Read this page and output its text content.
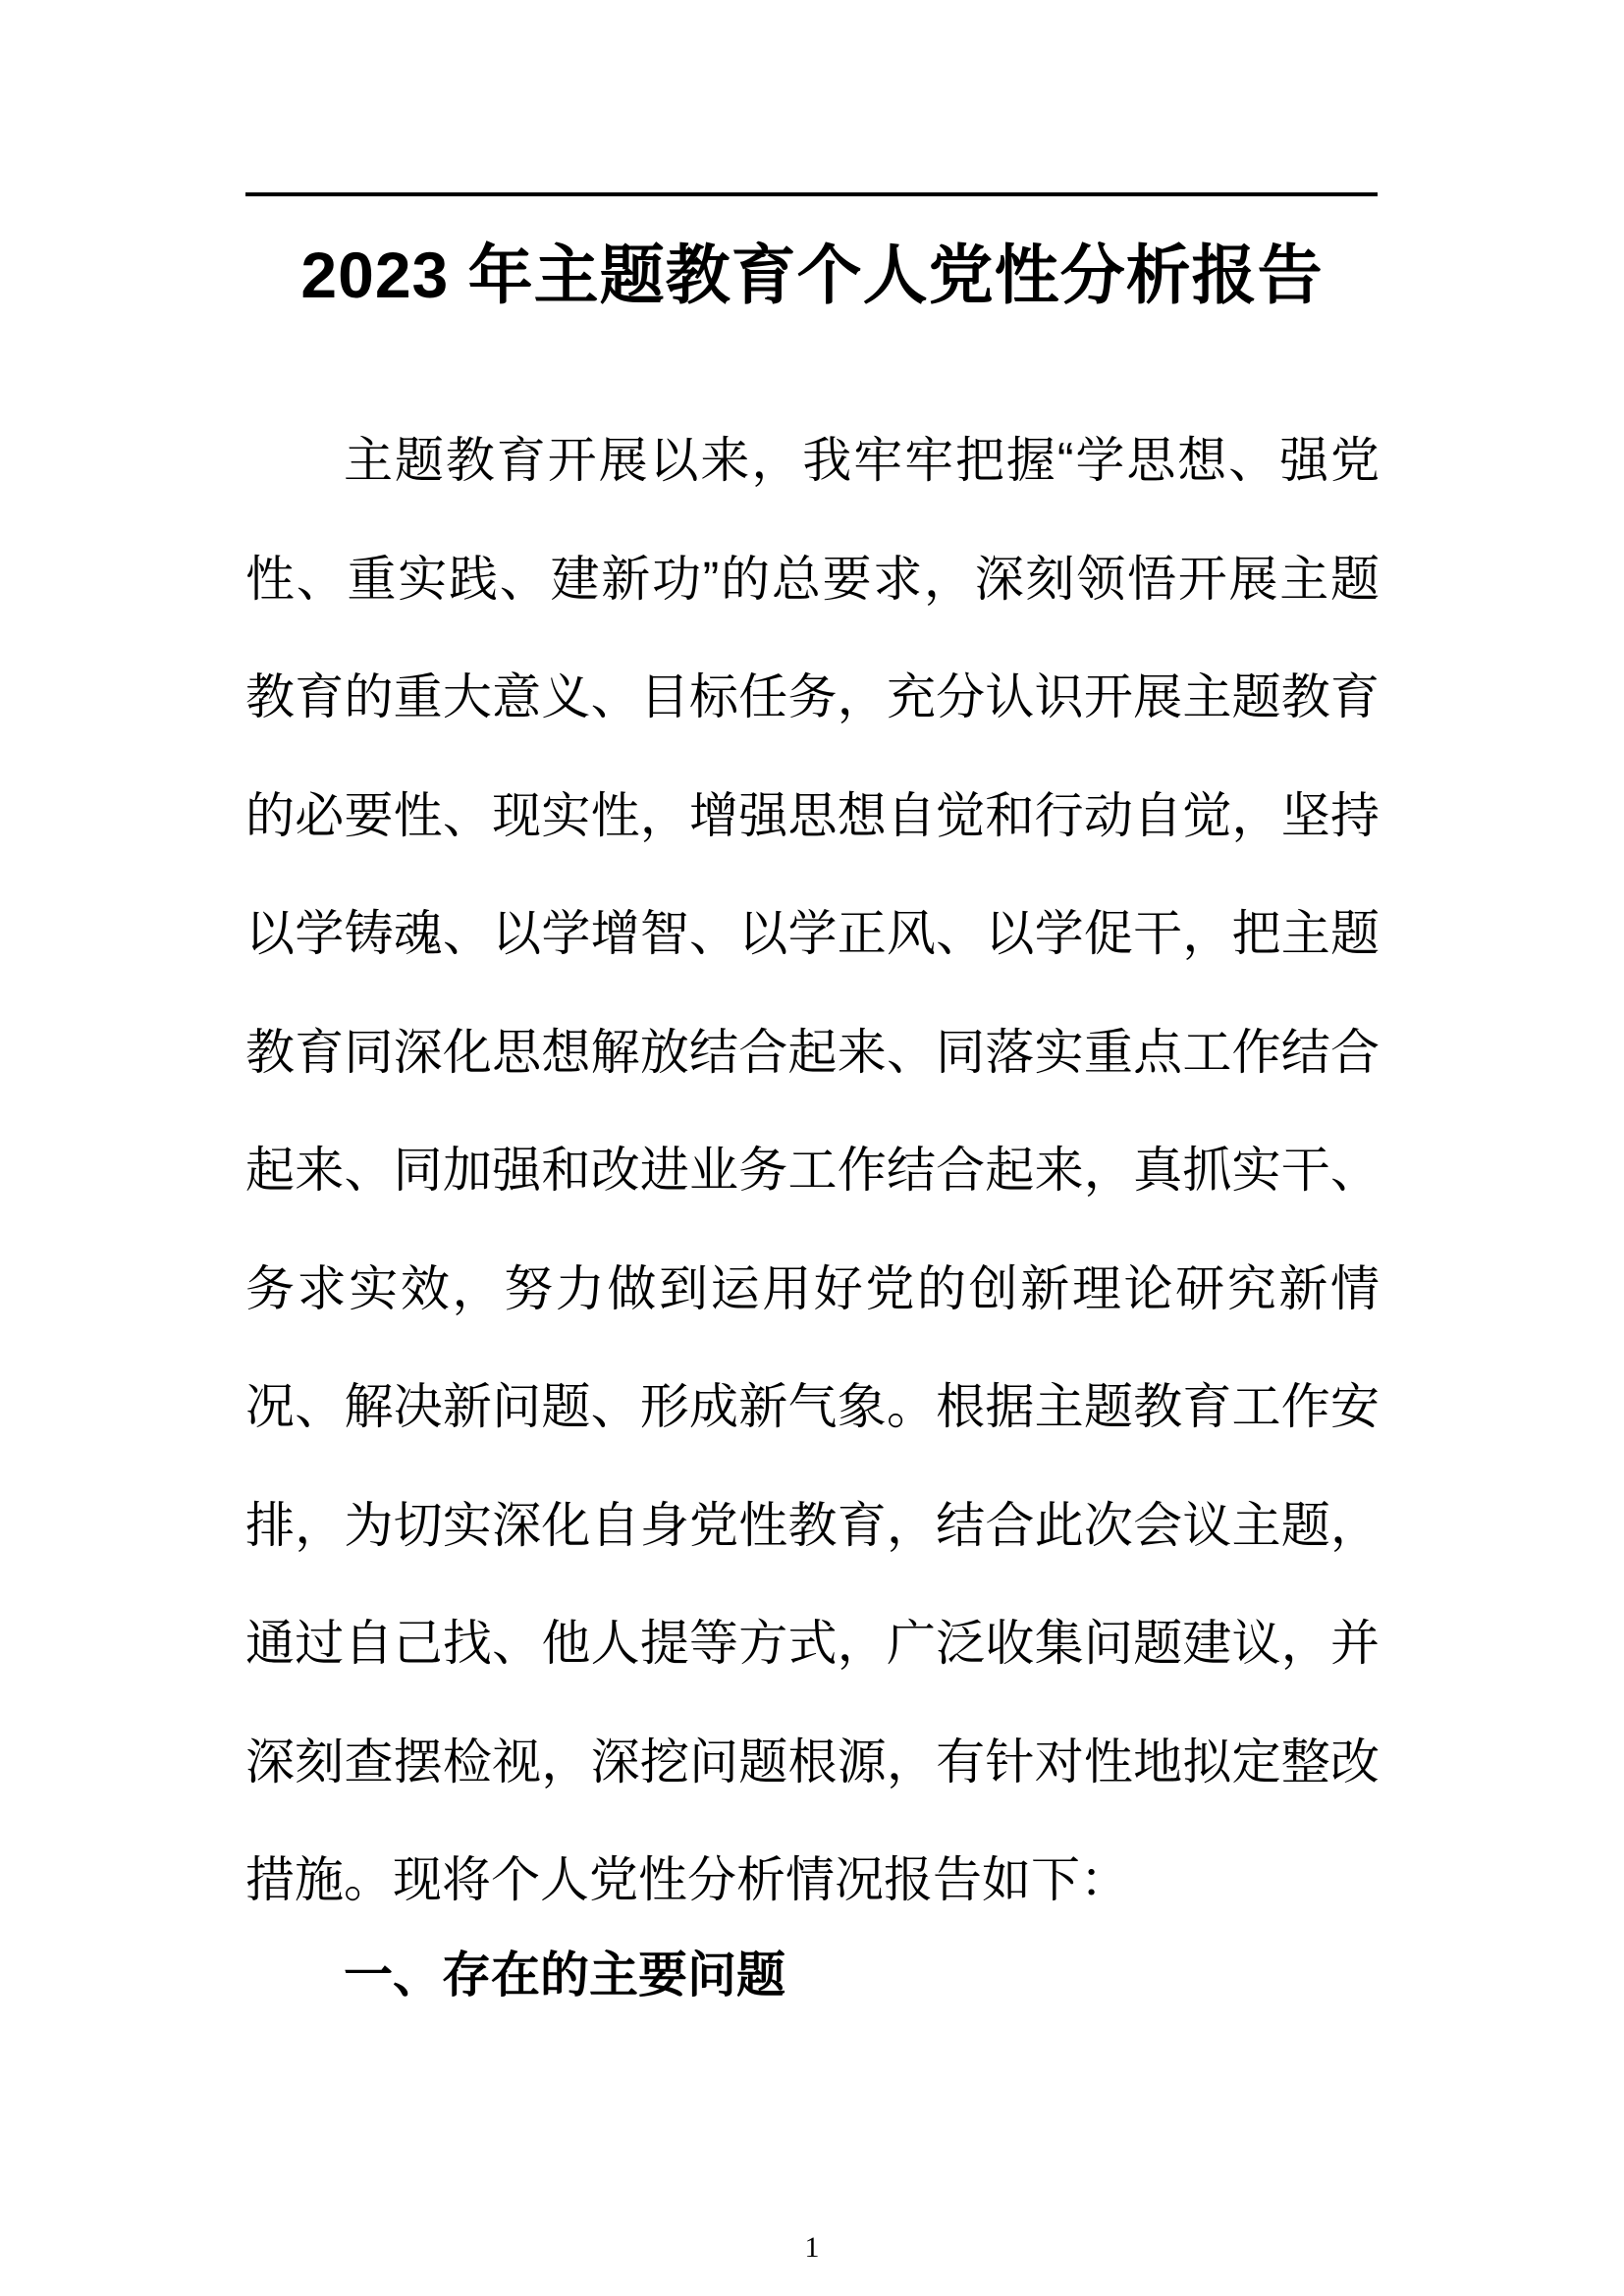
2023 年主题教育个人党性分析报告
主题教育开展以来，我牢牢把握“学思想、强党
性、重实践、建新功”的总要求，深刻领悟开展主题
教育的重大意义、目标任务，充分认识开展主题教育
的必要性、现实性，增强思想自觉和行动自觉，坚持
以学铸魂、以学增智、以学正风、以学促干，把主题
教育同深化思想解放结合起来、同落实重点工作结合
起来、同加强和改进业务工作结合起来，真抓实干、
务求实效，努力做到运用好党的创新理论研究新情
况、解决新问题、形成新气象。根据主题教育工作安
排，为切实深化自身党性教育，结合此次会议主题，
通过自己找、他人提等方式，广泛收集问题建议，并
深刻查摆检视，深挖问题根源，有针对性地拟定整改
措施。现将个人党性分析情况报告如下：
一、存在的主要问题
1
